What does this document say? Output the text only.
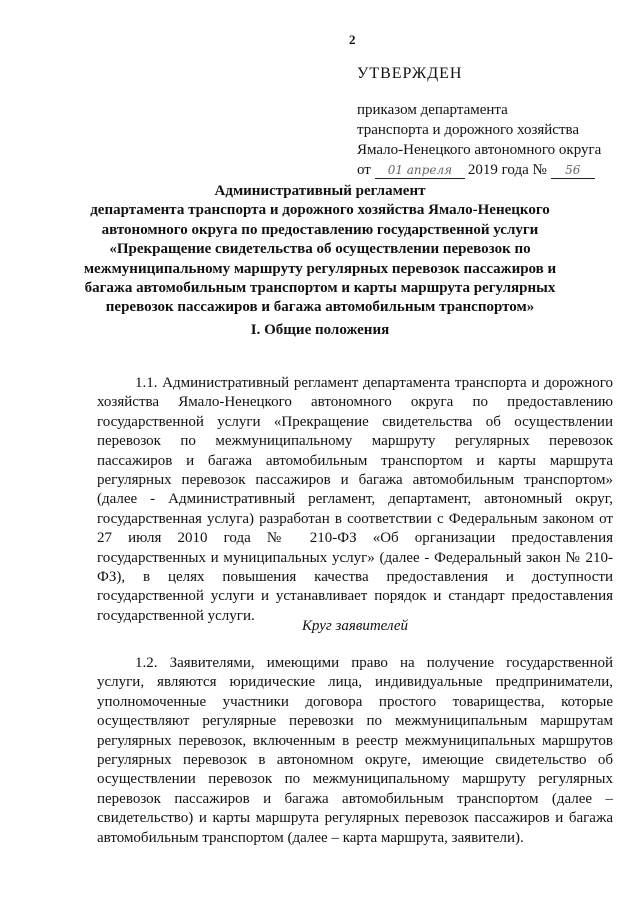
2
УТВЕРЖДЕН
приказом департамента
транспорта и дорожного хозяйства
Ямало-Ненецкого автономного округа
от 01 апреля 2019 года № 56
Административный регламент
департамента транспорта и дорожного хозяйства Ямало-Ненецкого
автономного округа по предоставлению государственной услуги
«Прекращение свидетельства об осуществлении перевозок по
межмуниципальному маршруту регулярных перевозок пассажиров и
багажа автомобильным транспортом и карты маршрута регулярных
перевозок пассажиров и багажа автомобильным транспортом»
I. Общие положения
1.1. Административный регламент департамента транспорта и дорожного хозяйства Ямало-Ненецкого автономного округа по предоставлению государственной услуги «Прекращение свидетельства об осуществлении перевозок по межмуниципальному маршруту регулярных перевозок пассажиров и багажа автомобильным транспортом и карты маршрута регулярных перевозок пассажиров и багажа автомобильным транспортом» (далее - Административный регламент, департамент, автономный округ, государственная услуга) разработан в соответствии с Федеральным законом от 27 июля 2010 года № 210-ФЗ «Об организации предоставления государственных и муниципальных услуг» (далее - Федеральный закон № 210-ФЗ), в целях повышения качества предоставления и доступности государственной услуги и устанавливает порядок и стандарт предоставления государственной услуги.
Круг заявителей
1.2. Заявителями, имеющими право на получение государственной услуги, являются юридические лица, индивидуальные предприниматели, уполномоченные участники договора простого товарищества, которые осуществляют регулярные перевозки по межмуниципальным маршрутам регулярных перевозок, включенным в реестр межмуниципальных маршрутов регулярных перевозок в автономном округе, имеющие свидетельство об осуществлении перевозок по межмуниципальному маршруту регулярных перевозок пассажиров и багажа автомобильным транспортом (далее – свидетельство) и карты маршрута регулярных перевозок пассажиров и багажа автомобильным транспортом (далее – карта маршрута, заявители).
